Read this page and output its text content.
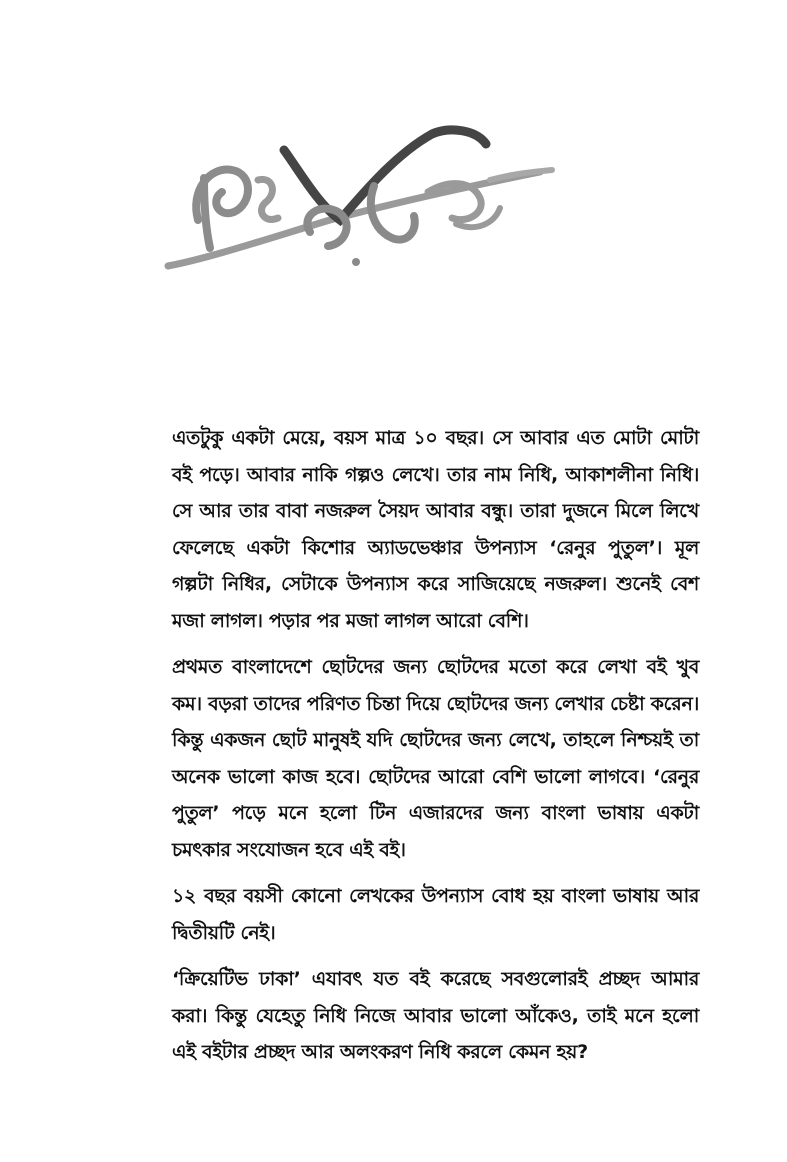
এতটুকু একটা মেয়ে, বয়স মাত্র ১০ বছর। সে আবার এত মোটা মোটা বই পড়ে। আবার নাকি গল্পও লেখে। তার নাম নিধি, আকাশলীনা নিধি। সে আর তার বাবা নজরুল সৈয়দ আবার বন্ধু। তারা দুজনে মিলে লিখে ফেলেছে একটা কিশোর অ্যাডভেঞ্চার উপন্যাস ‘রেনুর পুতুল’। মূল গল্পটা নিধির, সেটাকে উপন্যাস করে সাজিয়েছে নজরুল। শুনেই বেশ মজা লাগল। পড়ার পর মজা লাগল আরো বেশি।

প্রথমত বাংলাদেশে ছোটদের জন্য ছোটদের মতো করে লেখা বই খুব কম। বড়রা তাদের পরিণত চিন্তা দিয়ে ছোটদের জন্য লেখার চেষ্টা করেন। কিন্তু একজন ছোট মানুষই যদি ছোটদের জন্য লেখে, তাহলে নিশ্চয়ই তা অনেক ভালো কাজ হবে। ছোটদের আরো বেশি ভালো লাগবে। ‘রেনুর পুতুল’ পড়ে মনে হলো টিন এজারদের জন্য বাংলা ভাষায় একটা চমৎকার সংযোজন হবে এই বই।

১২ বছর বয়সী কোনো লেখকের উপন্যাস বোধ হয় বাংলা ভাষায় আর দ্বিতীয়টি নেই।

‘ক্রিয়েটিভ ঢাকা’ এযাবৎ যত বই করেছে সবগুলোরই প্রচ্ছদ আমার করা। কিন্তু যেহেতু নিধি নিজে আবার ভালো আঁকেও, তাই মনে হলো এই বইটার প্রচ্ছদ আর অলংকরণ নিধি করলে কেমন হয়?
